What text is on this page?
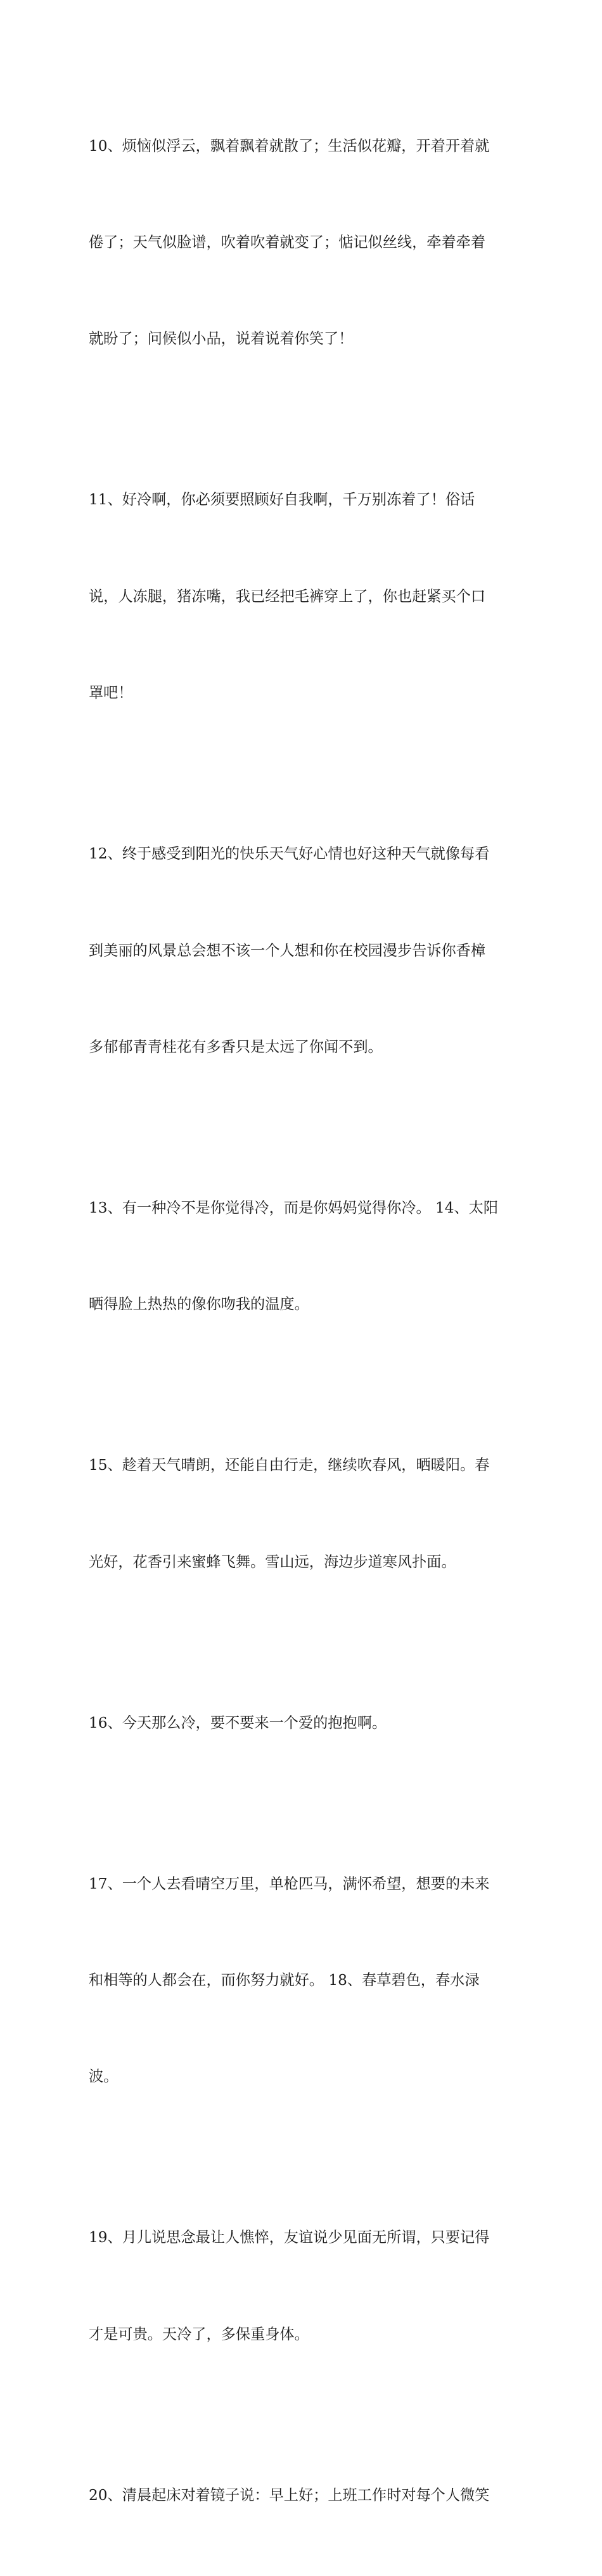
10、烦恼似浮云，飘着飘着就散了；生活似花瓣，开着开着就

倦了；天气似脸谱，吹着吹着就变了；惦记似丝线，牵着牵着

就盼了；问候似小品，说着说着你笑了！

11、好冷啊，你必须要照顾好自我啊，千万别冻着了！俗话

说，人冻腿，猪冻嘴，我已经把毛裤穿上了，你也赶紧买个口

罩吧！

12、终于感受到阳光的快乐天气好心情也好这种天气就像每看

到美丽的风景总会想不该一个人想和你在校园漫步告诉你香樟

多郁郁青青桂花有多香只是太远了你闻不到。

13、有一种冷不是你觉得冷，而是你妈妈觉得你冷。 14、太阳

晒得脸上热热的像你吻我的温度。

15、趁着天气晴朗，还能自由行走，继续吹春风，晒暖阳。春

光好，花香引来蜜蜂飞舞。雪山远，海边步道寒风扑面。

16、今天那么冷，要不要来一个爱的抱抱啊。

17、一个人去看晴空万里，单枪匹马，满怀希望，想要的未来

和相等的人都会在，而你努力就好。 18、春草碧色，春水渌

波。

19、月儿说思念最让人憔悴，友谊说少见面无所谓，只要记得

才是可贵。天冷了，多保重身体。

20、清晨起床对着镜子说：早上好；上班工作时对每个人微笑
